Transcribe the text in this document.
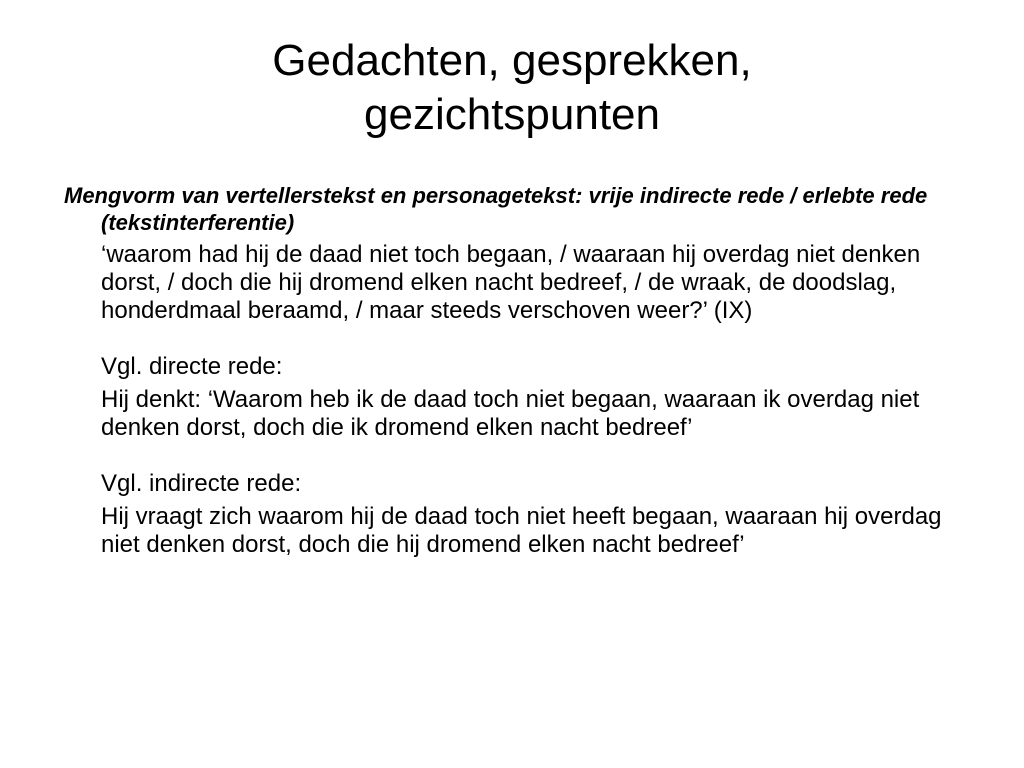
Gedachten, gesprekken,
gezichtspunten

Mengvorm van vertellerstekst en personagetekst: vrije indirecte rede / erlebte rede (tekstinterferentie)

‘waarom had hij de daad niet toch begaan, / waaraan hij overdag niet denken dorst, / doch die hij dromend elken nacht bedreef, / de wraak, de doodslag, honderdmaal beraamd, / maar steeds verschoven weer?’ (IX)

Vgl. directe rede:

Hij denkt: ‘Waarom heb ik de daad toch niet begaan, waaraan ik overdag niet denken dorst, doch die ik dromend elken nacht bedreef’

Vgl. indirecte rede:

Hij vraagt zich waarom hij de daad toch niet heeft begaan, waaraan hij overdag niet denken dorst, doch die hij dromend elken nacht bedreef’
